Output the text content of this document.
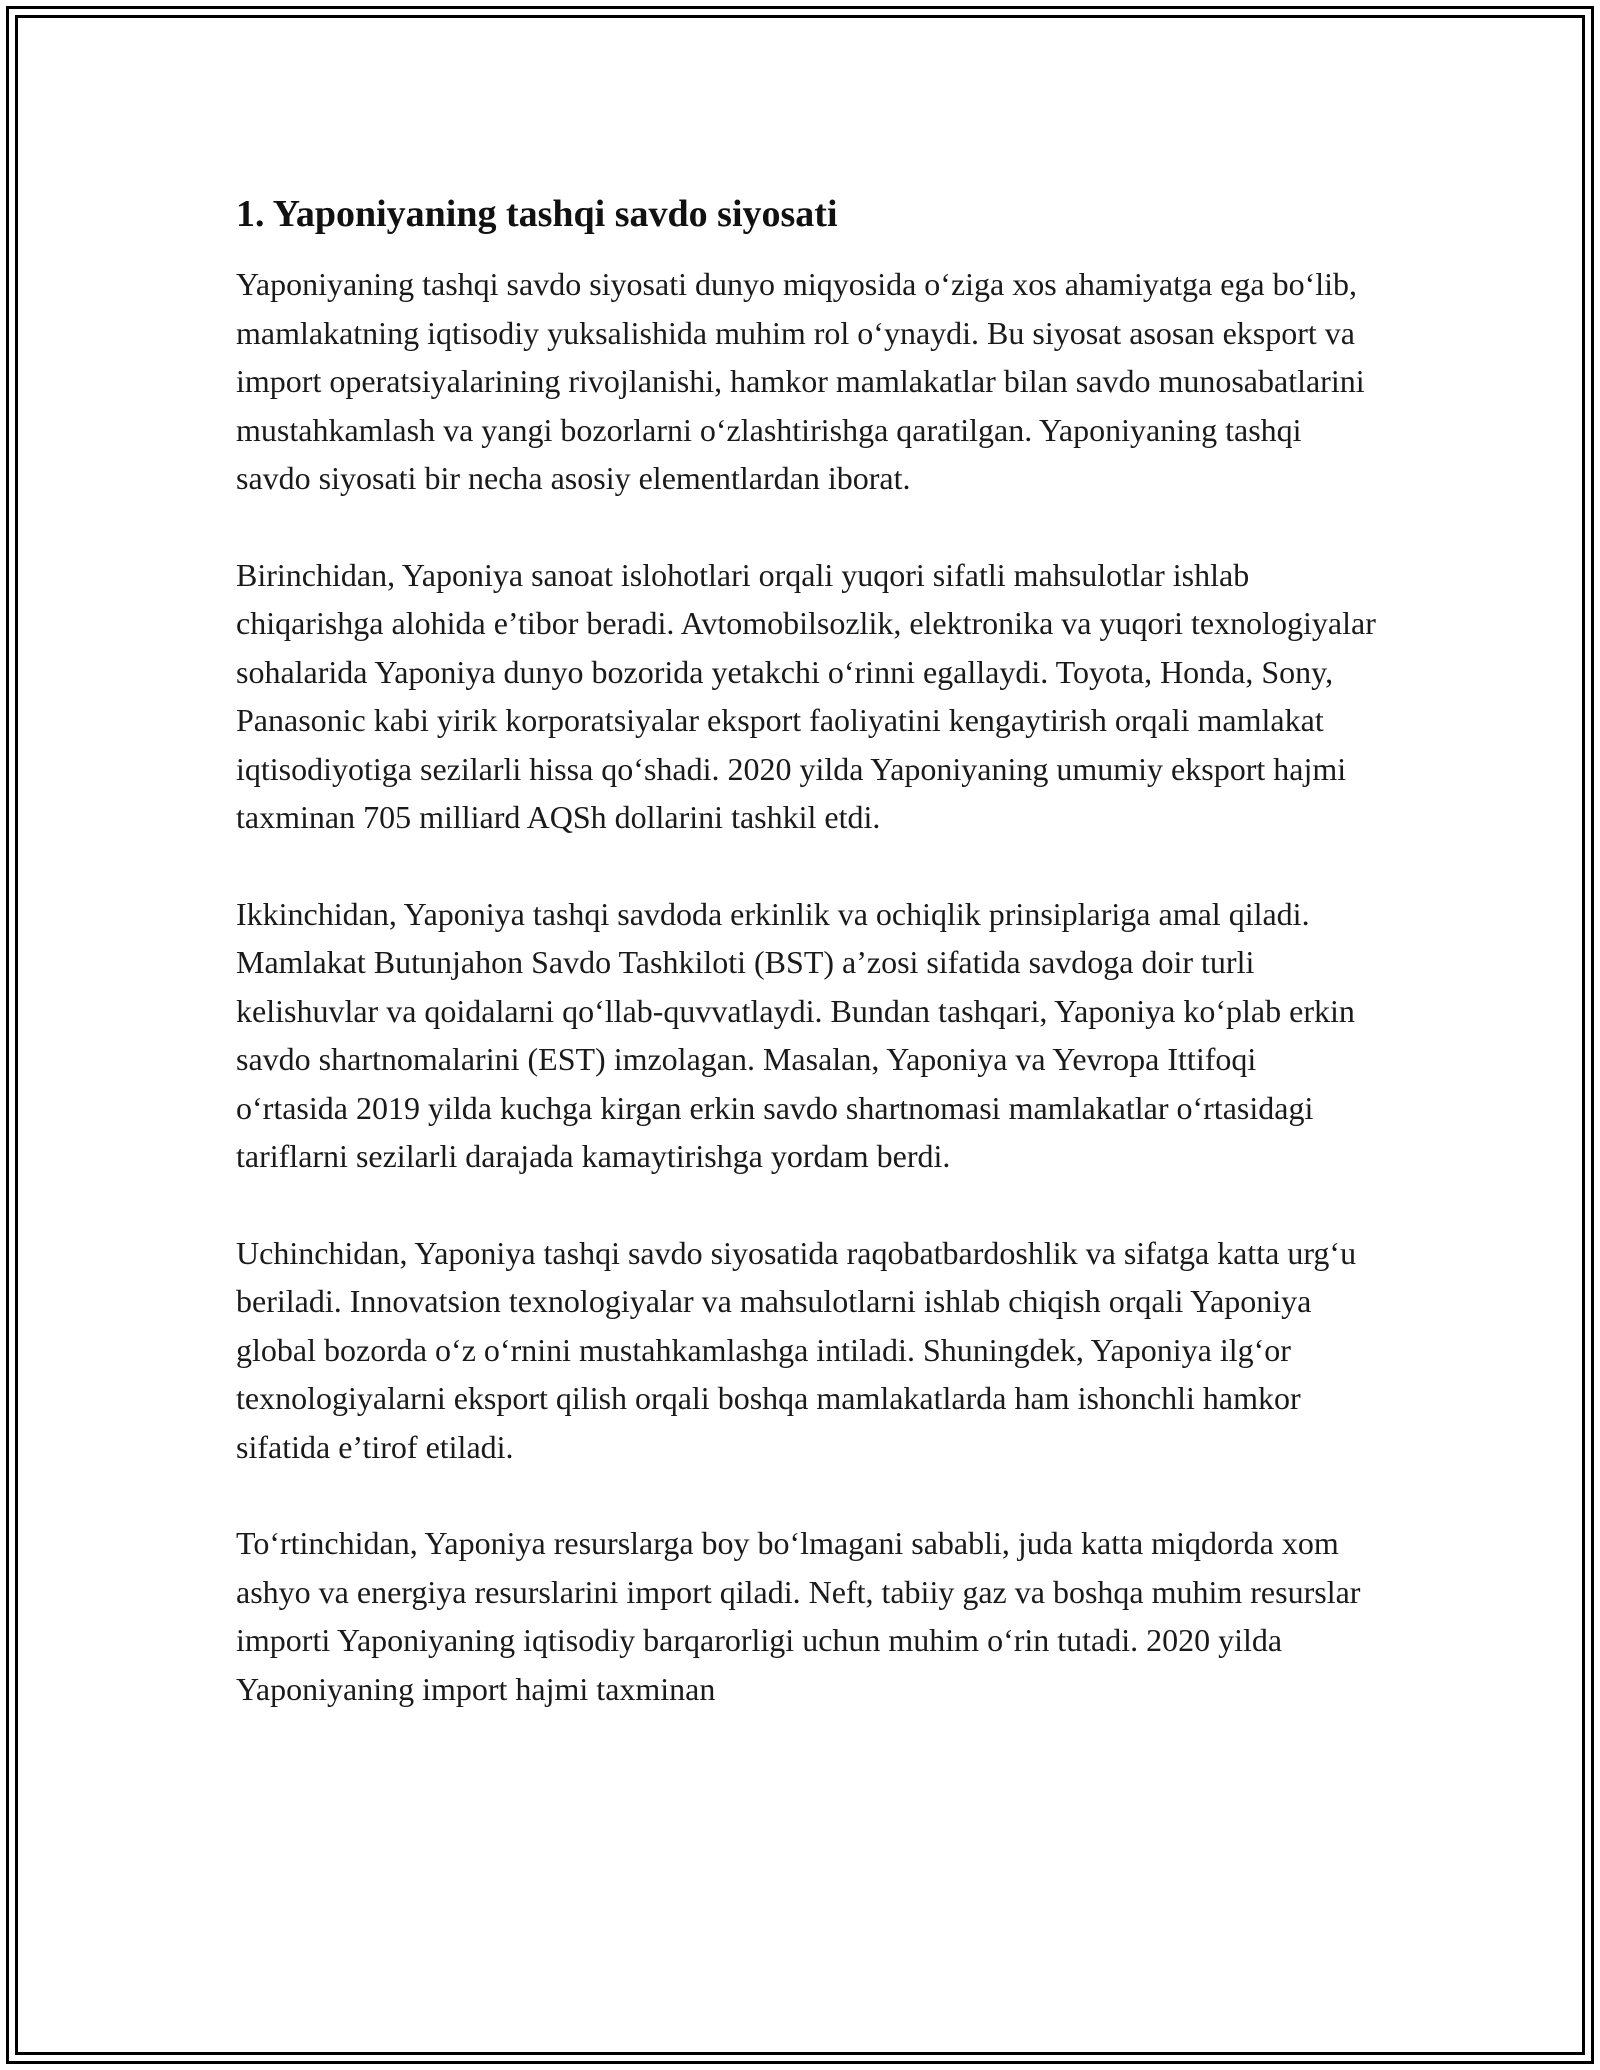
1. Yaponiyaning tashqi savdo siyosati

Yaponiyaning tashqi savdo siyosati dunyo miqyosida o‘ziga xos ahamiyatga ega bo‘lib, mamlakatning iqtisodiy yuksalishida muhim rol o‘ynaydi. Bu siyosat asosan eksport va import operatsiyalarining rivojlanishi, hamkor mamlakatlar bilan savdo munosabatlarini mustahkamlash va yangi bozorlarni o‘zlashtirishga qaratilgan. Yaponiyaning tashqi savdo siyosati bir necha asosiy elementlardan iborat.

Birinchidan, Yaponiya sanoat islohotlari orqali yuqori sifatli mahsulotlar ishlab chiqarishga alohida e’tibor beradi. Avtomobilsozlik, elektronika va yuqori texnologiyalar sohalarida Yaponiya dunyo bozorida yetakchi o‘rinni egallaydi. Toyota, Honda, Sony, Panasonic kabi yirik korporatsiyalar eksport faoliyatini kengaytirish orqali mamlakat iqtisodiyotiga sezilarli hissa qo‘shadi. 2020 yilda Yaponiyaning umumiy eksport hajmi taxminan 705 milliard AQSh dollarini tashkil etdi.

Ikkinchidan, Yaponiya tashqi savdoda erkinlik va ochiqlik prinsiplariga amal qiladi. Mamlakat Butunjahon Savdo Tashkiloti (BST) a’zosi sifatida savdoga doir turli kelishuvlar va qoidalarni qo‘llab-quvvatlaydi. Bundan tashqari, Yaponiya ko‘plab erkin savdo shartnomalarini (EST) imzolagan. Masalan, Yaponiya va Yevropa Ittifoqi o‘rtasida 2019 yilda kuchga kirgan erkin savdo shartnomasi mamlakatlar o‘rtasidagi tariflarni sezilarli darajada kamaytirishga yordam berdi.

Uchinchidan, Yaponiya tashqi savdo siyosatida raqobatbardoshlik va sifatga katta urg‘u beriladi. Innovatsion texnologiyalar va mahsulotlarni ishlab chiqish orqali Yaponiya global bozorda o‘z o‘rnini mustahkamlashga intiladi. Shuningdek, Yaponiya ilg‘or texnologiyalarni eksport qilish orqali boshqa mamlakatlarda ham ishonchli hamkor sifatida e’tirof etiladi.

To‘rtinchidan, Yaponiya resurslarga boy bo‘lmagani sababli, juda katta miqdorda xom ashyo va energiya resurslarini import qiladi. Neft, tabiiy gaz va boshqa muhim resurslar importi Yaponiyaning iqtisodiy barqarorligi uchun muhim o‘rin tutadi. 2020 yilda Yaponiyaning import hajmi taxminan
